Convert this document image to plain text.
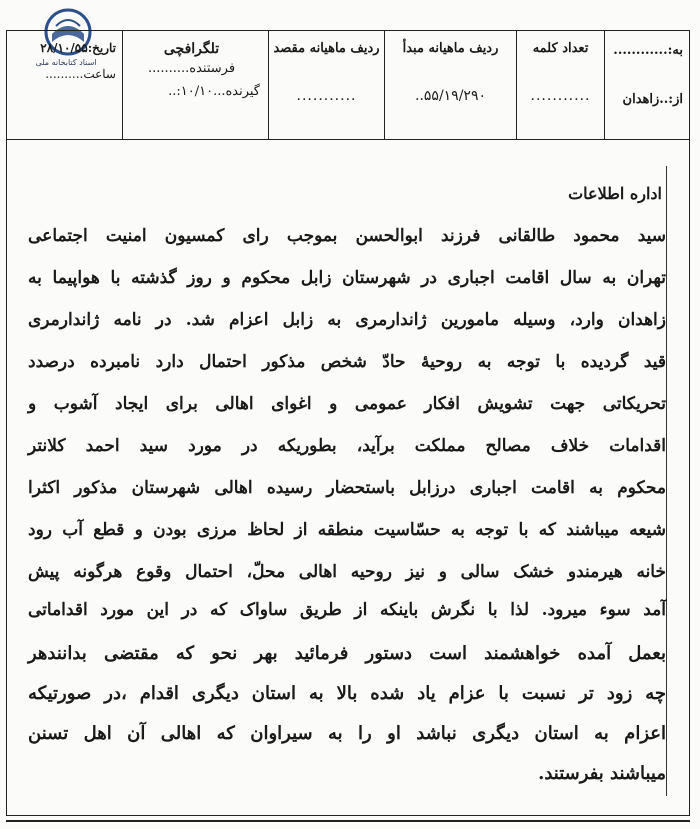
اسناد کتابخانه ملی
به:............
از:..زاهدان
تعداد کلمه
...........
ردیف ماهیانه مبدأ
۵۵/۱۹/۲۹۰..
ردیف ماهیانه مقصد
...........
تلگرافچی
فرستنده..........
گیرنده...۱۰/۱۰:..
تاریخ:۲۸/۱۰/۵۵
ساعت..........
اداره اطلاعات
سید محمود طالقانی فرزند ابوالحسن بموجب رای کمسیون امنیت اجتماعی
تهران به سال اقامت اجباری در شهرستان زابل محکوم و روز گذشته با هواپیما به
زاهدان وارد، وسیله مامورین ژاندارمری به زابل اعزام شد. در نامه ژاندارمری
قید گردیده با توجه به روحیهٔ حادّ شخص مذکور احتمال دارد نامبرده درصدد
تحریکاتی جهت تشویش افکار عمومی و اغوای اهالی برای ایجاد آشوب و
اقدامات خلاف مصالح مملکت برآید، بطوریکه در مورد سید احمد کلانتر
محکوم به اقامت اجباری درزابل باستحضار رسیده اهالی شهرستان مذکور اکثرا
شیعه میباشند که با توجه به حسّاسیت منطقه از لحاظ مرزی بودن و قطع آب رود
خانه هیرمندو خشک سالی و نیز روحیه اهالی محلّ، احتمال وقوع هرگونه پیش
آمد سوء میرود. لذا با نگرش باینکه از طریق ساواک که در این مورد اقداماتی
بعمل آمده خواهشمند است دستور فرمائید بهر نحو که مقتضی بدانندهر
چه زود تر نسبت با عزام یاد شده بالا به استان دیگری اقدام ،در صورتیکه
اعزام به استان دیگری نباشد او را به سیراوان که اهالی آن اهل تسنن
میباشند بفرستند.
